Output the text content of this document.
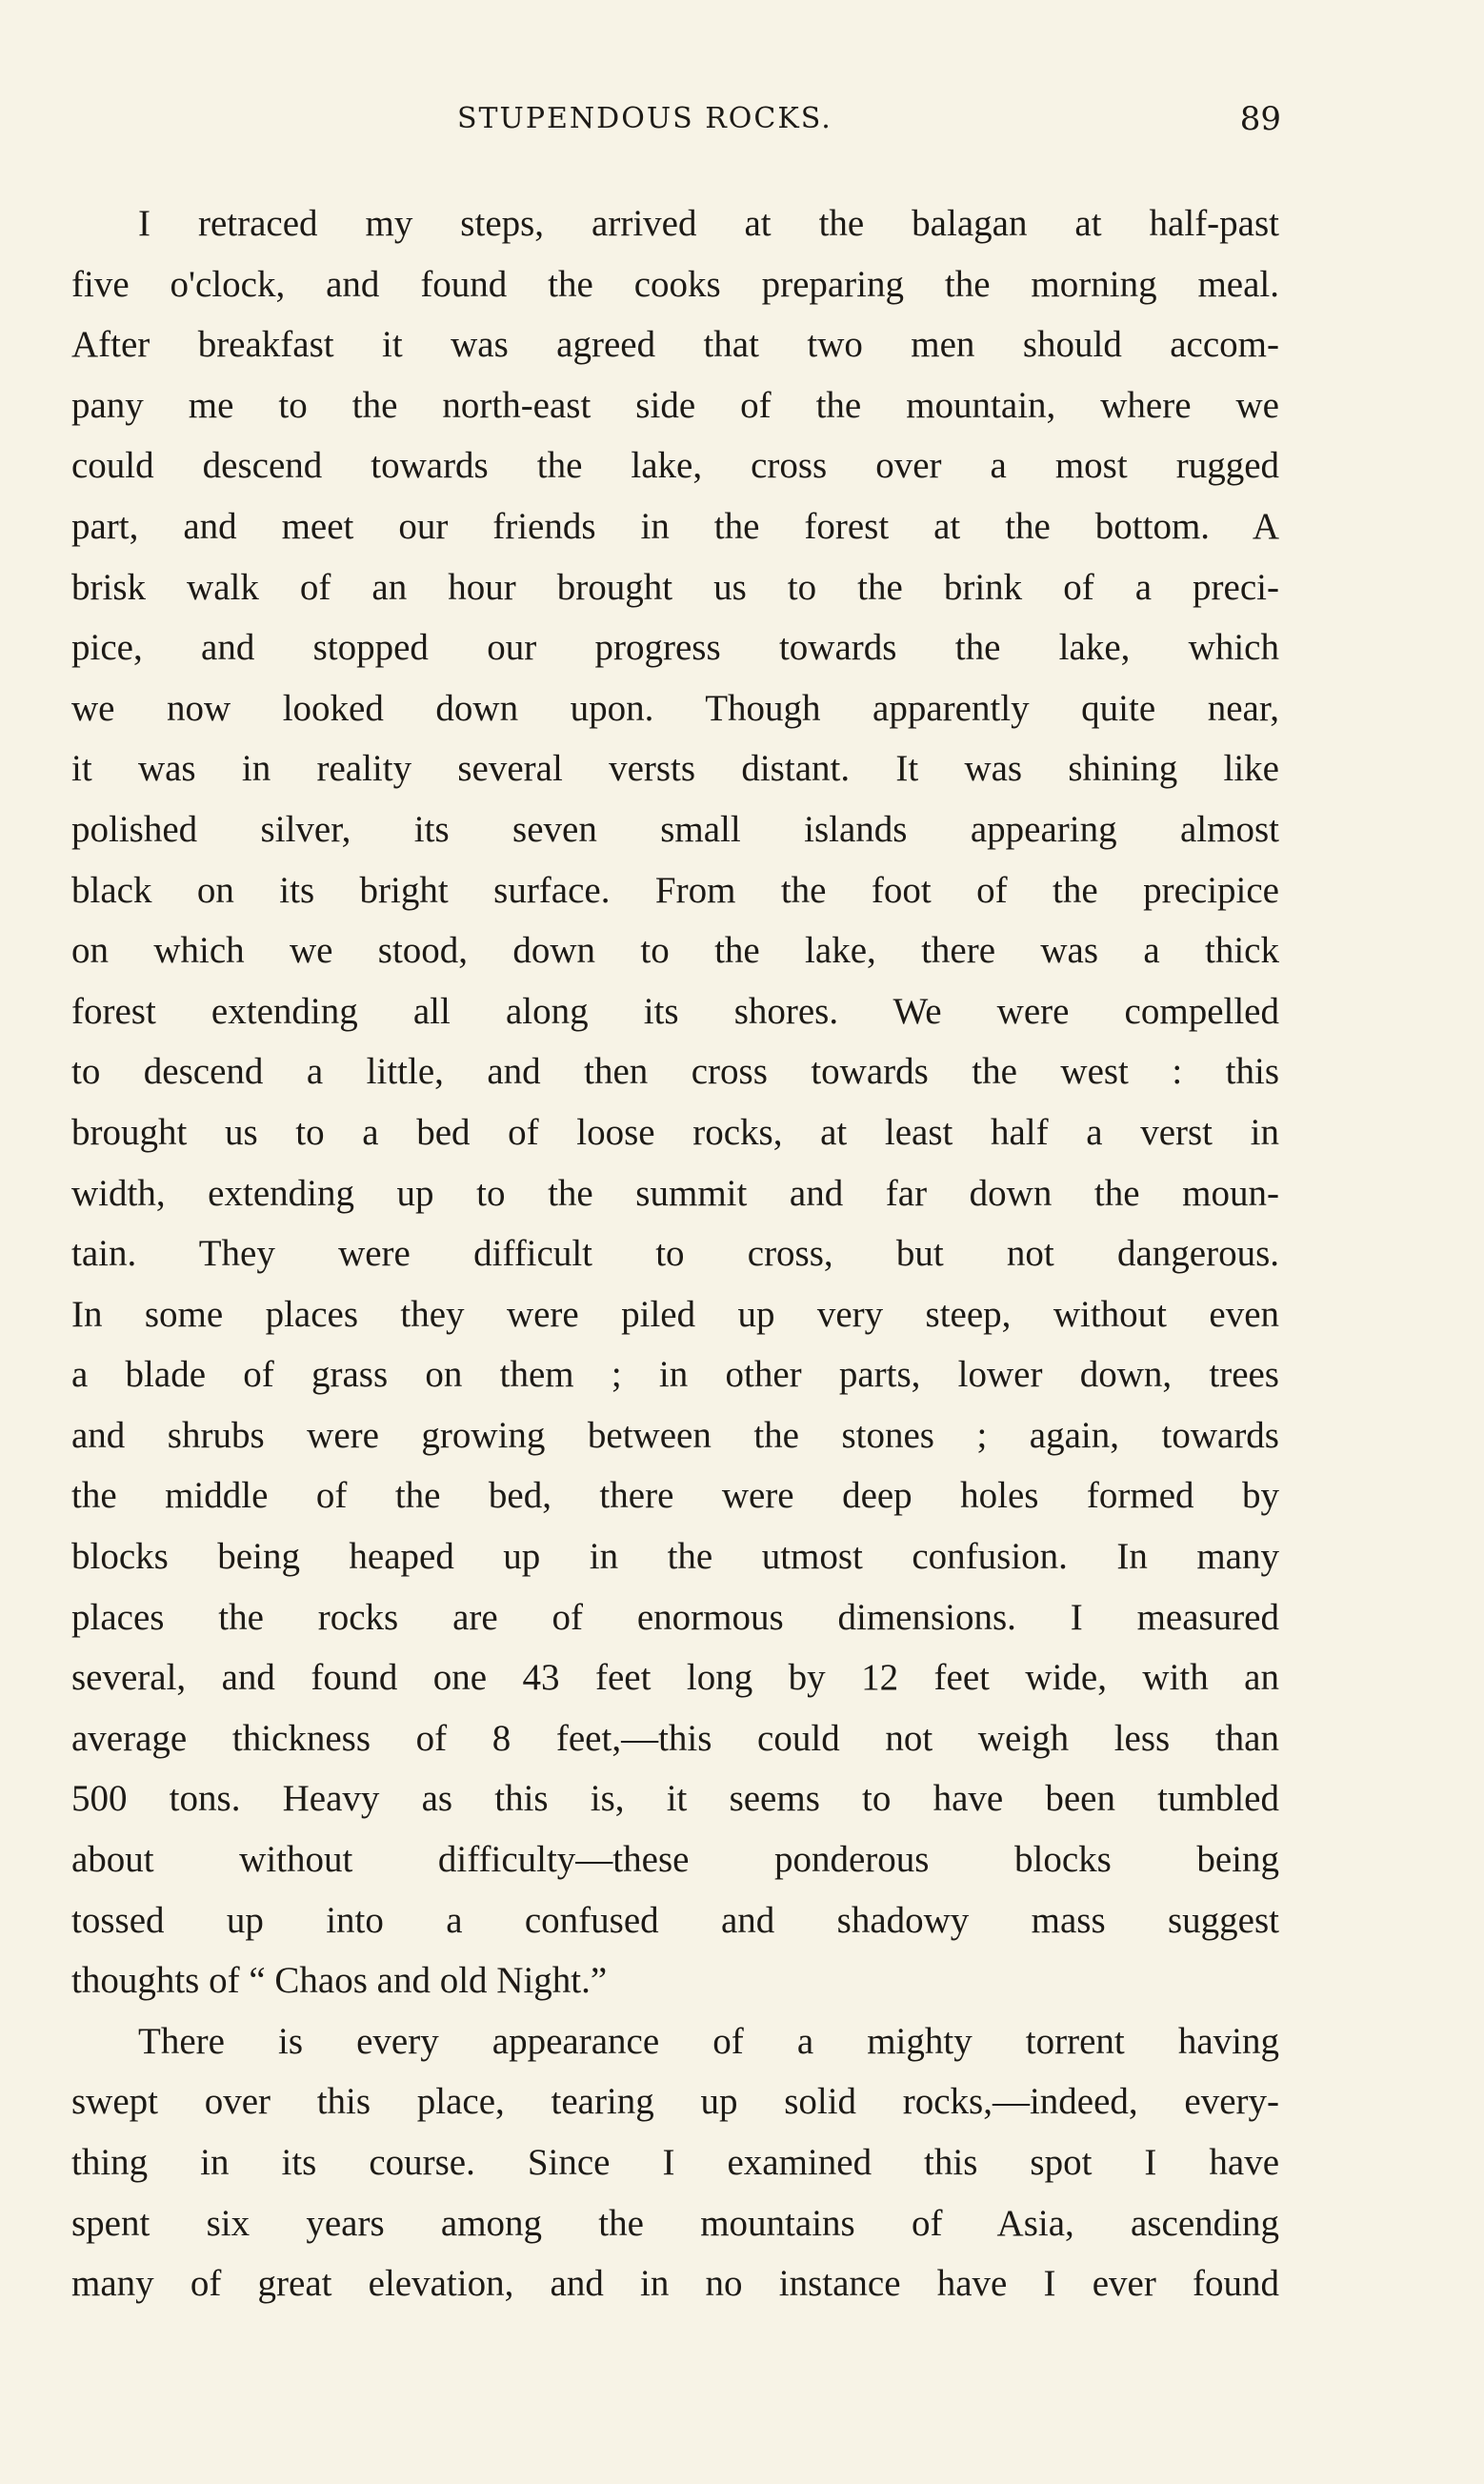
STUPENDOUS ROCKS.	89
I retraced my steps, arrived at the balagan at half-past
five o'clock, and found the cooks preparing the morning meal.
After breakfast it was agreed that two men should accom-
pany me to the north-east side of the mountain, where we
could descend towards the lake, cross over a most rugged
part, and meet our friends in the forest at the bottom. A
brisk walk of an hour brought us to the brink of a preci-
pice, and stopped our progress towards the lake, which
we now looked down upon. Though apparently quite near,
it was in reality several versts distant. It was shining like
polished silver, its seven small islands appearing almost
black on its bright surface. From the foot of the precipice
on which we stood, down to the lake, there was a thick
forest extending all along its shores. We were compelled
to descend a little, and then cross towards the west : this
brought us to a bed of loose rocks, at least half a verst in
width, extending up to the summit and far down the moun-
tain. They were difficult to cross, but not dangerous.
In some places they were piled up very steep, without even
a blade of grass on them ; in other parts, lower down, trees
and shrubs were growing between the stones ; again, towards
the middle of the bed, there were deep holes formed by
blocks being heaped up in the utmost confusion. In many
places the rocks are of enormous dimensions. I measured
several, and found one 43 feet long by 12 feet wide, with an
average thickness of 8 feet,—this could not weigh less than
500 tons. Heavy as this is, it seems to have been tumbled
about without difficulty—these ponderous blocks being
tossed up into a confused and shadowy mass suggest
thoughts of “ Chaos and old Night.”
There is every appearance of a mighty torrent having
swept over this place, tearing up solid rocks,—indeed, every-
thing in its course. Since I examined this spot I have
spent six years among the mountains of Asia, ascending
many of great elevation, and in no instance have I ever found
